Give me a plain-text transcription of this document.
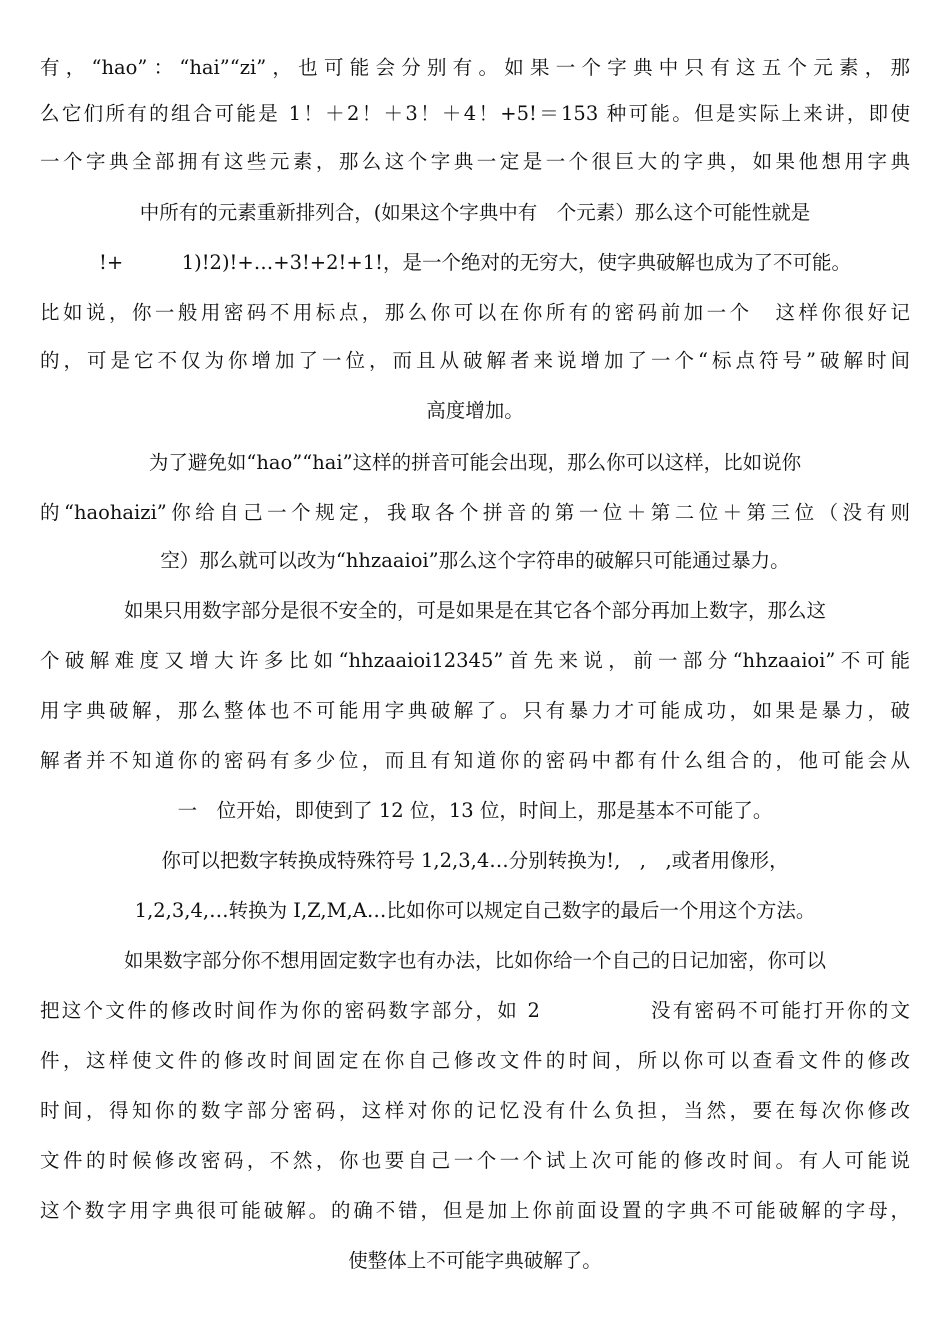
有，“hao”：“hai”“zi”，也可能会分别有。如果一个字典中只有这五个元素，那
么它们所有的组合可能是 1！＋2！＋3！＋4！+5!＝153 种可能。但是实际上来讲，即使
一个字典全部拥有这些元素，那么这个字典一定是一个很巨大的字典，如果他想用字典
中所有的元素重新排列合，(如果这个字典中有　个元素）那么这个可能性就是
!+　　　1)!2)!+…+3!+2!+1!，是一个绝对的无穷大，使字典破解也成为了不可能。
比如说，你一般用密码不用标点，那么你可以在你所有的密码前加一个　这样你很好记
的，可是它不仅为你增加了一位，而且从破解者来说增加了一个“标点符号”破解时间
高度增加。
为了避免如“hao”“hai”这样的拼音可能会出现，那么你可以这样，比如说你
的“haohaizi”你给自己一个规定，我取各个拼音的第一位＋第二位＋第三位（没有则
空）那么就可以改为“hhzaaioi”那么这个字符串的破解只可能通过暴力。
如果只用数字部分是很不安全的，可是如果是在其它各个部分再加上数字，那么这
个破解难度又增大许多比如“hhzaaioi12345”首先来说，前一部分“hhzaaioi”不可能
用字典破解，那么整体也不可能用字典破解了。只有暴力才可能成功，如果是暴力，破
解者并不知道你的密码有多少位，而且有知道你的密码中都有什么组合的，他可能会从
一　位开始，即使到了 12 位，13 位，时间上，那是基本不可能了。
你可以把数字转换成特殊符号 1,2,3,4…分别转换为!,　,　,或者用像形，
1,2,3,4,…转换为 I,Z,M,A…比如你可以规定自己数字的最后一个用这个方法。
如果数字部分你不想用固定数字也有办法，比如你给一个自己的日记加密，你可以
把这个文件的修改时间作为你的密码数字部分，如 2　　　　　没有密码不可能打开你的文
件，这样使文件的修改时间固定在你自己修改文件的时间，所以你可以查看文件的修改
时间，得知你的数字部分密码，这样对你的记忆没有什么负担，当然，要在每次你修改
文件的时候修改密码，不然，你也要自己一个一个试上次可能的修改时间。有人可能说
这个数字用字典很可能破解。的确不错，但是加上你前面设置的字典不可能破解的字母，
使整体上不可能字典破解了。
